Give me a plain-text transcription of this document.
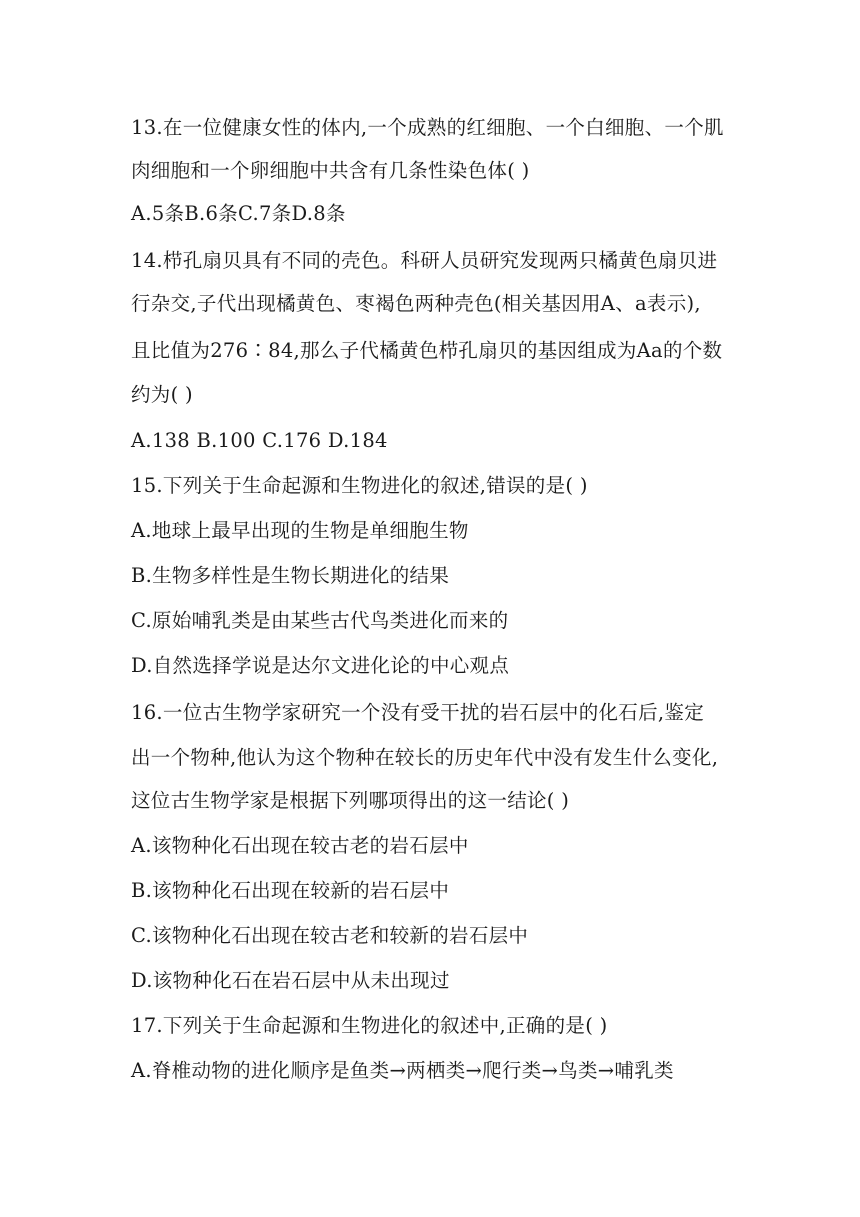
13.在一位健康女性的体内,一个成熟的红细胞、一个白细胞、一个肌
肉细胞和一个卵细胞中共含有几条性染色体( )
A.5条B.6条C.7条D.8条
14.栉孔扇贝具有不同的壳色。科研人员研究发现两只橘黄色扇贝进
行杂交,子代出现橘黄色、枣褐色两种壳色(相关基因用A、a表示),
且比值为276∶84,那么子代橘黄色栉孔扇贝的基因组成为Aa的个数
约为( )
A.138 B.100 C.176 D.184
15.下列关于生命起源和生物进化的叙述,错误的是( )
A.地球上最早出现的生物是单细胞生物
B.生物多样性是生物长期进化的结果
C.原始哺乳类是由某些古代鸟类进化而来的
D.自然选择学说是达尔文进化论的中心观点
16.一位古生物学家研究一个没有受干扰的岩石层中的化石后,鉴定
出一个物种,他认为这个物种在较长的历史年代中没有发生什么变化,
这位古生物学家是根据下列哪项得出的这一结论( )
A.该物种化石出现在较古老的岩石层中
B.该物种化石出现在较新的岩石层中
C.该物种化石出现在较古老和较新的岩石层中
D.该物种化石在岩石层中从未出现过
17.下列关于生命起源和生物进化的叙述中,正确的是( )
A.脊椎动物的进化顺序是鱼类→两栖类→爬行类→鸟类→哺乳类
